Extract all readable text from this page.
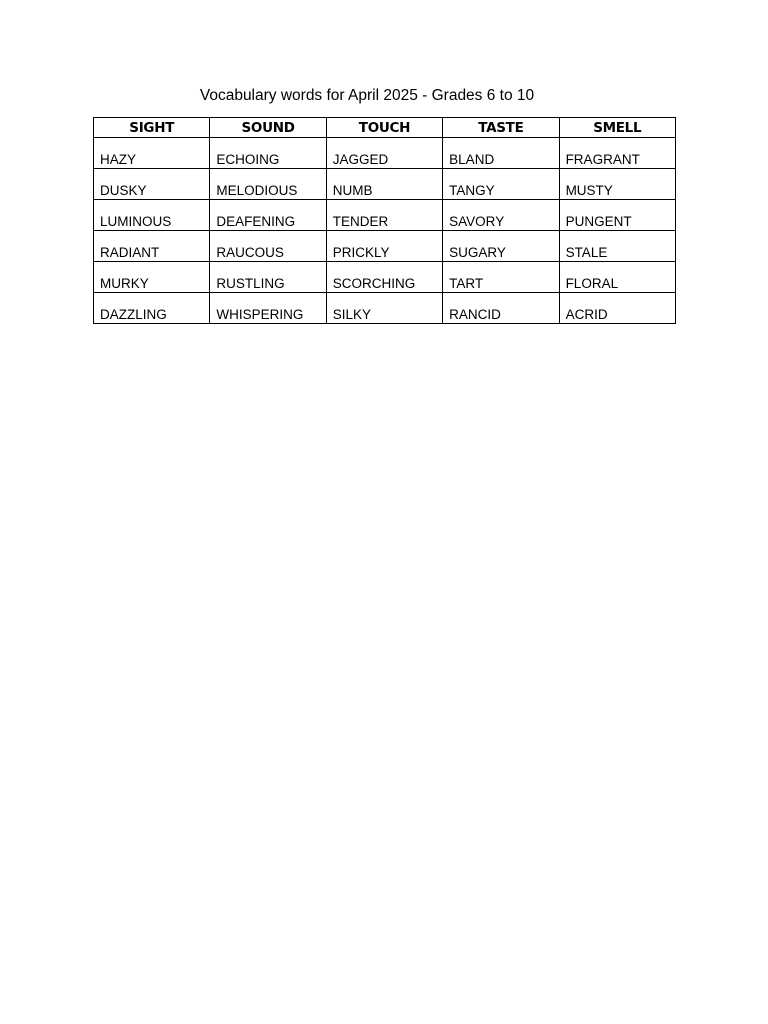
Vocabulary words for April 2025 - Grades 6 to 10
SIGHT	SOUND	TOUCH	TASTE	SMELL
HAZY	ECHOING	JAGGED	BLAND	FRAGRANT
DUSKY	MELODIOUS	NUMB	TANGY	MUSTY
LUMINOUS	DEAFENING	TENDER	SAVORY	PUNGENT
RADIANT	RAUCOUS	PRICKLY	SUGARY	STALE
MURKY	RUSTLING	SCORCHING	TART	FLORAL
DAZZLING	WHISPERING	SILKY	RANCID	ACRID
